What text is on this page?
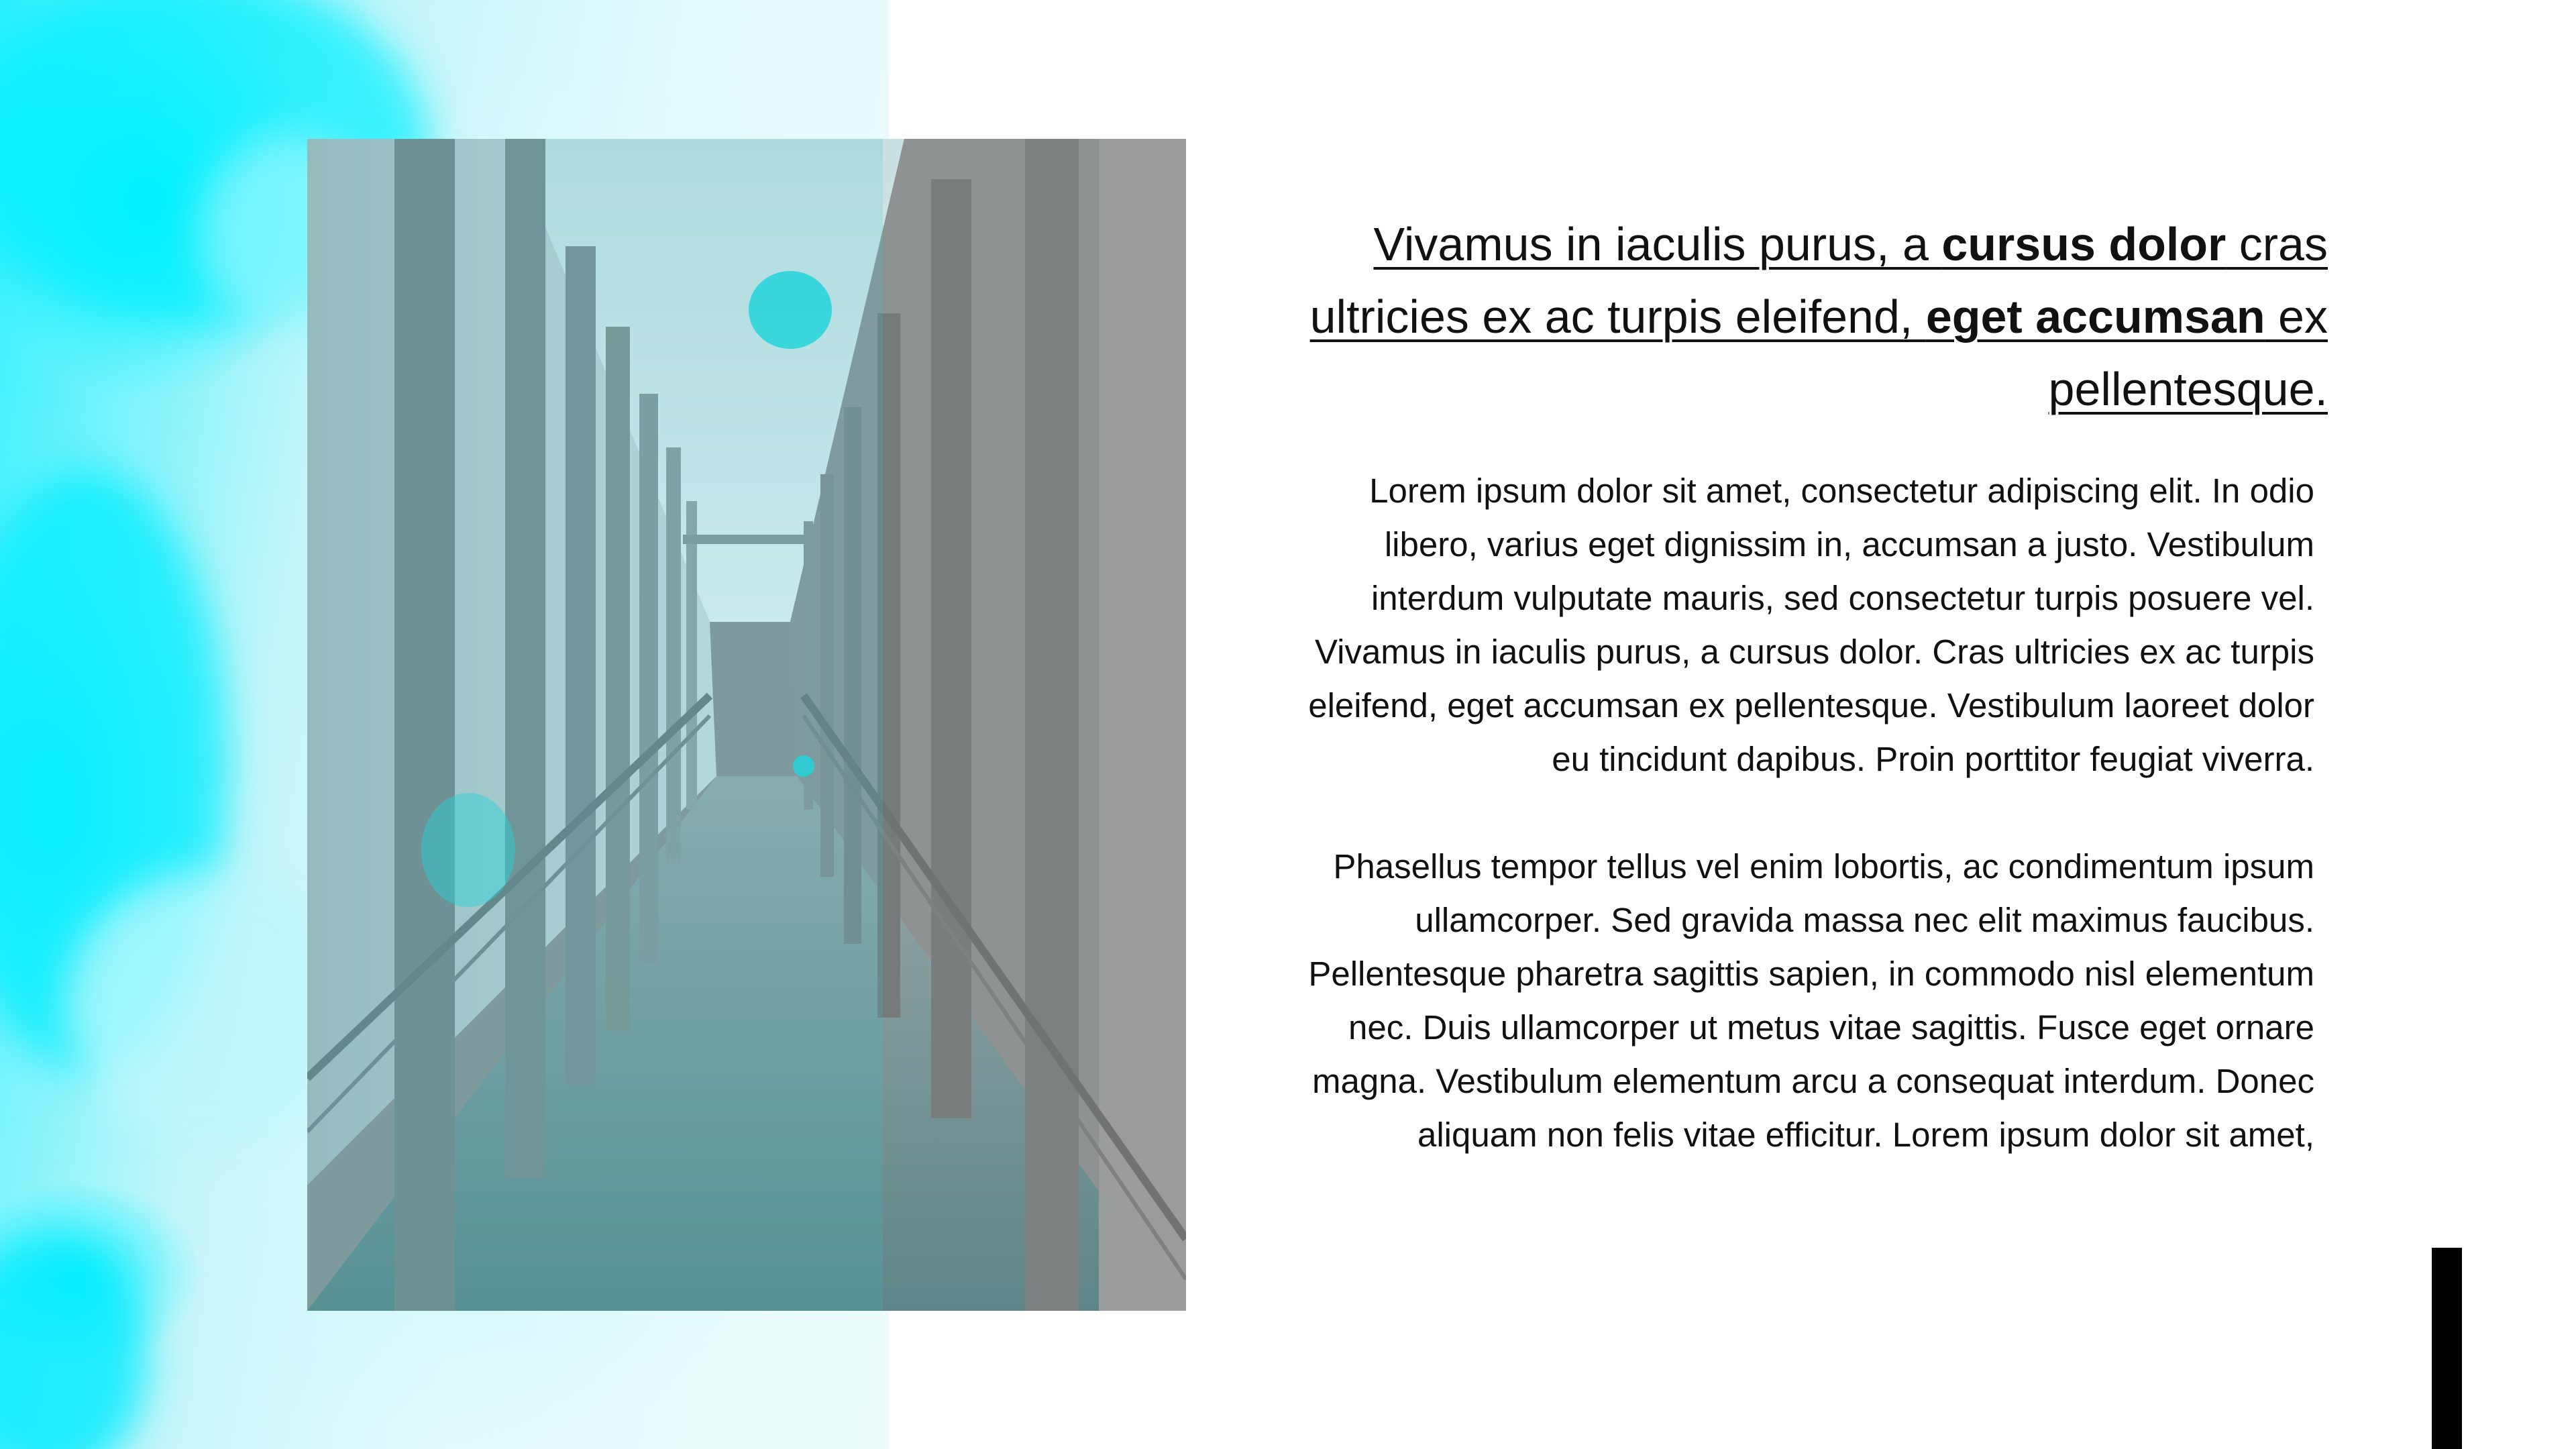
Vivamus in iaculis purus, a cursus dolor cras ultricies ex ac turpis eleifend, eget accumsan ex pellentesque.

Lorem ipsum dolor sit amet, consectetur adipiscing elit. In odio libero, varius eget dignissim in, accumsan a justo. Vestibulum interdum vulputate mauris, sed consectetur turpis posuere vel. Vivamus in iaculis purus, a cursus dolor. Cras ultricies ex ac turpis eleifend, eget accumsan ex pellentesque. Vestibulum laoreet dolor eu tincidunt dapibus. Proin porttitor feugiat viverra.

Phasellus tempor tellus vel enim lobortis, ac condimentum ipsum ullamcorper. Sed gravida massa nec elit maximus faucibus. Pellentesque pharetra sagittis sapien, in commodo nisl elementum nec. Duis ullamcorper ut metus vitae sagittis. Fusce eget ornare magna. Vestibulum elementum arcu a consequat interdum. Donec aliquam non felis vitae efficitur. Lorem ipsum dolor sit amet,
